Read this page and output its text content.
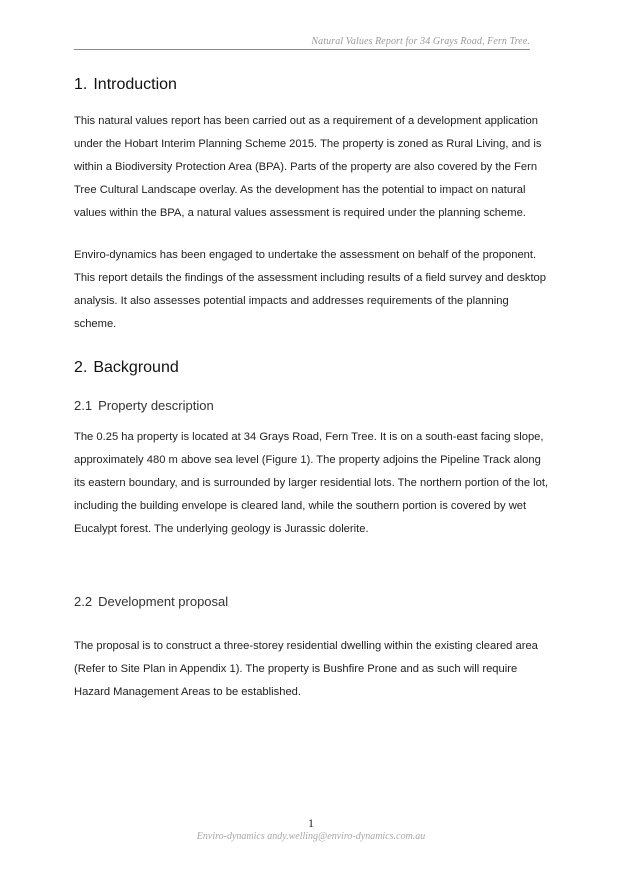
Natural Values Report for 34 Grays Road, Fern Tree.
1. Introduction

This natural values report has been carried out as a requirement of a development application under the Hobart Interim Planning Scheme 2015. The property is zoned as Rural Living, and is within a Biodiversity Protection Area (BPA). Parts of the property are also covered by the Fern Tree Cultural Landscape overlay. As the development has the potential to impact on natural values within the BPA, a natural values assessment is required under the planning scheme.

Enviro-dynamics has been engaged to undertake the assessment on behalf of the proponent. This report details the findings of the assessment including results of a field survey and desktop analysis. It also assesses potential impacts and addresses requirements of the planning scheme.

2. Background
2.1 Property description

The 0.25 ha property is located at 34 Grays Road, Fern Tree. It is on a south-east facing slope, approximately 480 m above sea level (Figure 1). The property adjoins the Pipeline Track along its eastern boundary, and is surrounded by larger residential lots. The northern portion of the lot, including the building envelope is cleared land, while the southern portion is covered by wet Eucalypt forest. The underlying geology is Jurassic dolerite.

2.2 Development proposal

The proposal is to construct a three-storey residential dwelling within the existing cleared area (Refer to Site Plan in Appendix 1). The property is Bushfire Prone and as such will require Hazard Management Areas to be established.

1
Enviro-dynamics andy.welling@enviro-dynamics.com.au
